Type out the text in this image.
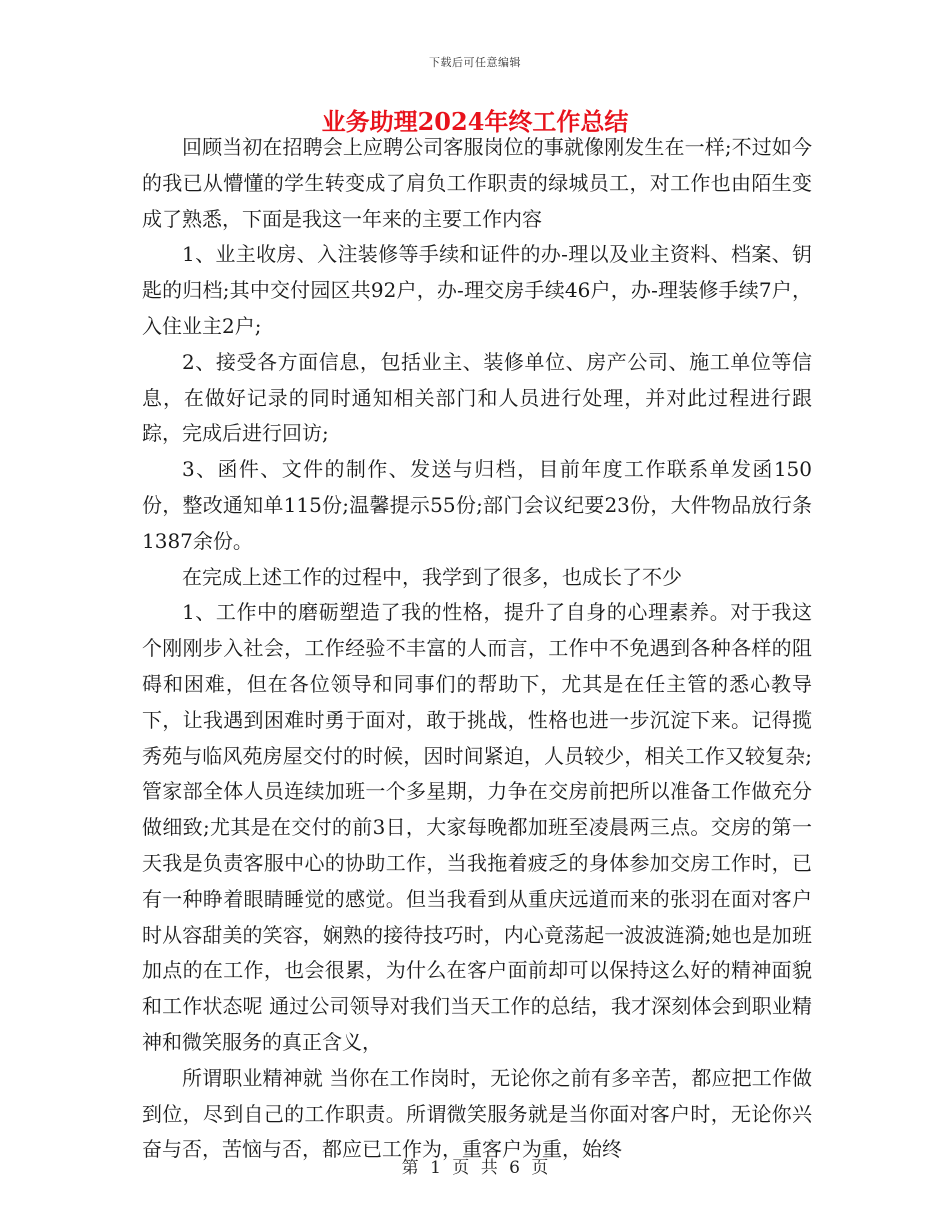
下载后可任意编辑
业务助理2024年终工作总结

回顾当初在招聘会上应聘公司客服岗位的事就像刚发生在一样;不过如今的我已从懵懂的学生转变成了肩负工作职责的绿城员工，对工作也由陌生变成了熟悉，下面是我这一年来的主要工作内容

1、业主收房、入注装修等手续和证件的办-理以及业主资料、档案、钥匙的归档;其中交付园区共92户，办-理交房手续46户，办-理装修手续7户，入住业主2户;

2、接受各方面信息，包括业主、装修单位、房产公司、施工单位等信息，在做好记录的同时通知相关部门和人员进行处理，并对此过程进行跟踪，完成后进行回访;

3、函件、文件的制作、发送与归档，目前年度工作联系单发函150份，整改通知单115份;温馨提示55份;部门会议纪要23份，大件物品放行条1387余份。

在完成上述工作的过程中，我学到了很多，也成长了不少

1、工作中的磨砺塑造了我的性格，提升了自身的心理素养。对于我这个刚刚步入社会，工作经验不丰富的人而言，工作中不免遇到各种各样的阻碍和困难，但在各位领导和同事们的帮助下，尤其是在任主管的悉心教导下，让我遇到困难时勇于面对，敢于挑战，性格也进一步沉淀下来。记得揽秀苑与临风苑房屋交付的时候，因时间紧迫，人员较少，相关工作又较复杂;管家部全体人员连续加班一个多星期，力争在交房前把所以准备工作做充分做细致;尤其是在交付的前3日，大家每晚都加班至凌晨两三点。交房的第一天我是负责客服中心的协助工作，当我拖着疲乏的身体参加交房工作时，已有一种睁着眼睛睡觉的感觉。但当我看到从重庆远道而来的张羽在面对客户时从容甜美的笑容，娴熟的接待技巧时，内心竟荡起一波波涟漪;她也是加班加点的在工作，也会很累，为什么在客户面前却可以保持这么好的精神面貌和工作状态呢 通过公司领导对我们当天工作的总结，我才深刻体会到职业精神和微笑服务的真正含义，

所谓职业精神就 当你在工作岗时，无论你之前有多辛苦，都应把工作做到位，尽到自己的工作职责。所谓微笑服务就是当你面对客户时，无论你兴奋与否，苦恼与否，都应已工作为，重客户为重，始终

第 1 页 共 6 页
